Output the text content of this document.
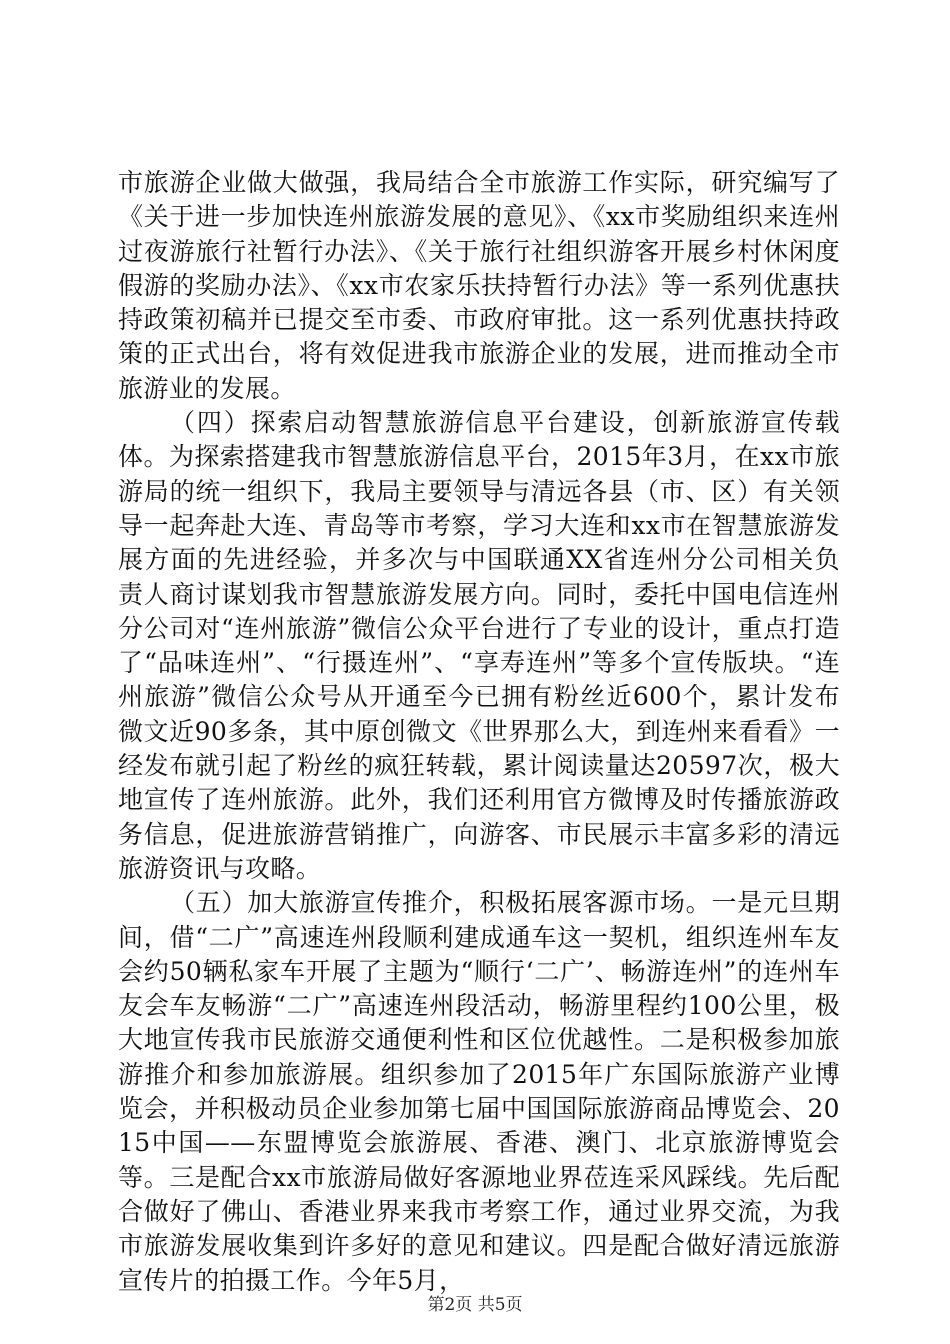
市旅游企业做大做强，我局结合全市旅游工作实际，研究编写了《关于进一步加快连州旅游发展的意见》、《xx市奖励组织来连州过夜游旅行社暂行办法》、《关于旅行社组织游客开展乡村休闲度假游的奖励办法》、《xx市农家乐扶持暂行办法》等一系列优惠扶持政策初稿并已提交至市委、市政府审批。这一系列优惠扶持政策的正式出台，将有效促进我市旅游企业的发展，进而推动全市旅游业的发展。

（四）探索启动智慧旅游信息平台建设，创新旅游宣传载体。为探索搭建我市智慧旅游信息平台，2015年3月，在xx市旅游局的统一组织下，我局主要领导与清远各县（市、区）有关领导一起奔赴大连、青岛等市考察，学习大连和xx市在智慧旅游发展方面的先进经验，并多次与中国联通XX省连州分公司相关负责人商讨谋划我市智慧旅游发展方向。同时，委托中国电信连州分公司对“连州旅游”微信公众平台进行了专业的设计，重点打造了“品味连州”、“行摄连州”、“享寿连州”等多个宣传版块。“连州旅游”微信公众号从开通至今已拥有粉丝近600个，累计发布微文近90多条，其中原创微文《世界那么大，到连州来看看》一经发布就引起了粉丝的疯狂转载，累计阅读量达20597次，极大地宣传了连州旅游。此外，我们还利用官方微博及时传播旅游政务信息，促进旅游营销推广，向游客、市民展示丰富多彩的清远旅游资讯与攻略。

（五）加大旅游宣传推介，积极拓展客源市场。一是元旦期间，借“二广”高速连州段顺利建成通车这一契机，组织连州车友会约50辆私家车开展了主题为“顺行‘二广’、畅游连州”的连州车友会车友畅游“二广”高速连州段活动，畅游里程约100公里，极大地宣传我市民旅游交通便利性和区位优越性。二是积极参加旅游推介和参加旅游展。组织参加了2015年广东国际旅游产业博览会，并积极动员企业参加第七届中国国际旅游商品博览会、2015中国——东盟博览会旅游展、香港、澳门、北京旅游博览会等。三是配合xx市旅游局做好客源地业界莅连采风踩线。先后配合做好了佛山、香港业界来我市考察工作，通过业界交流，为我市旅游发展收集到许多好的意见和建议。四是配合做好清远旅游宣传片的拍摄工作。今年5月，

第2页 共5页
